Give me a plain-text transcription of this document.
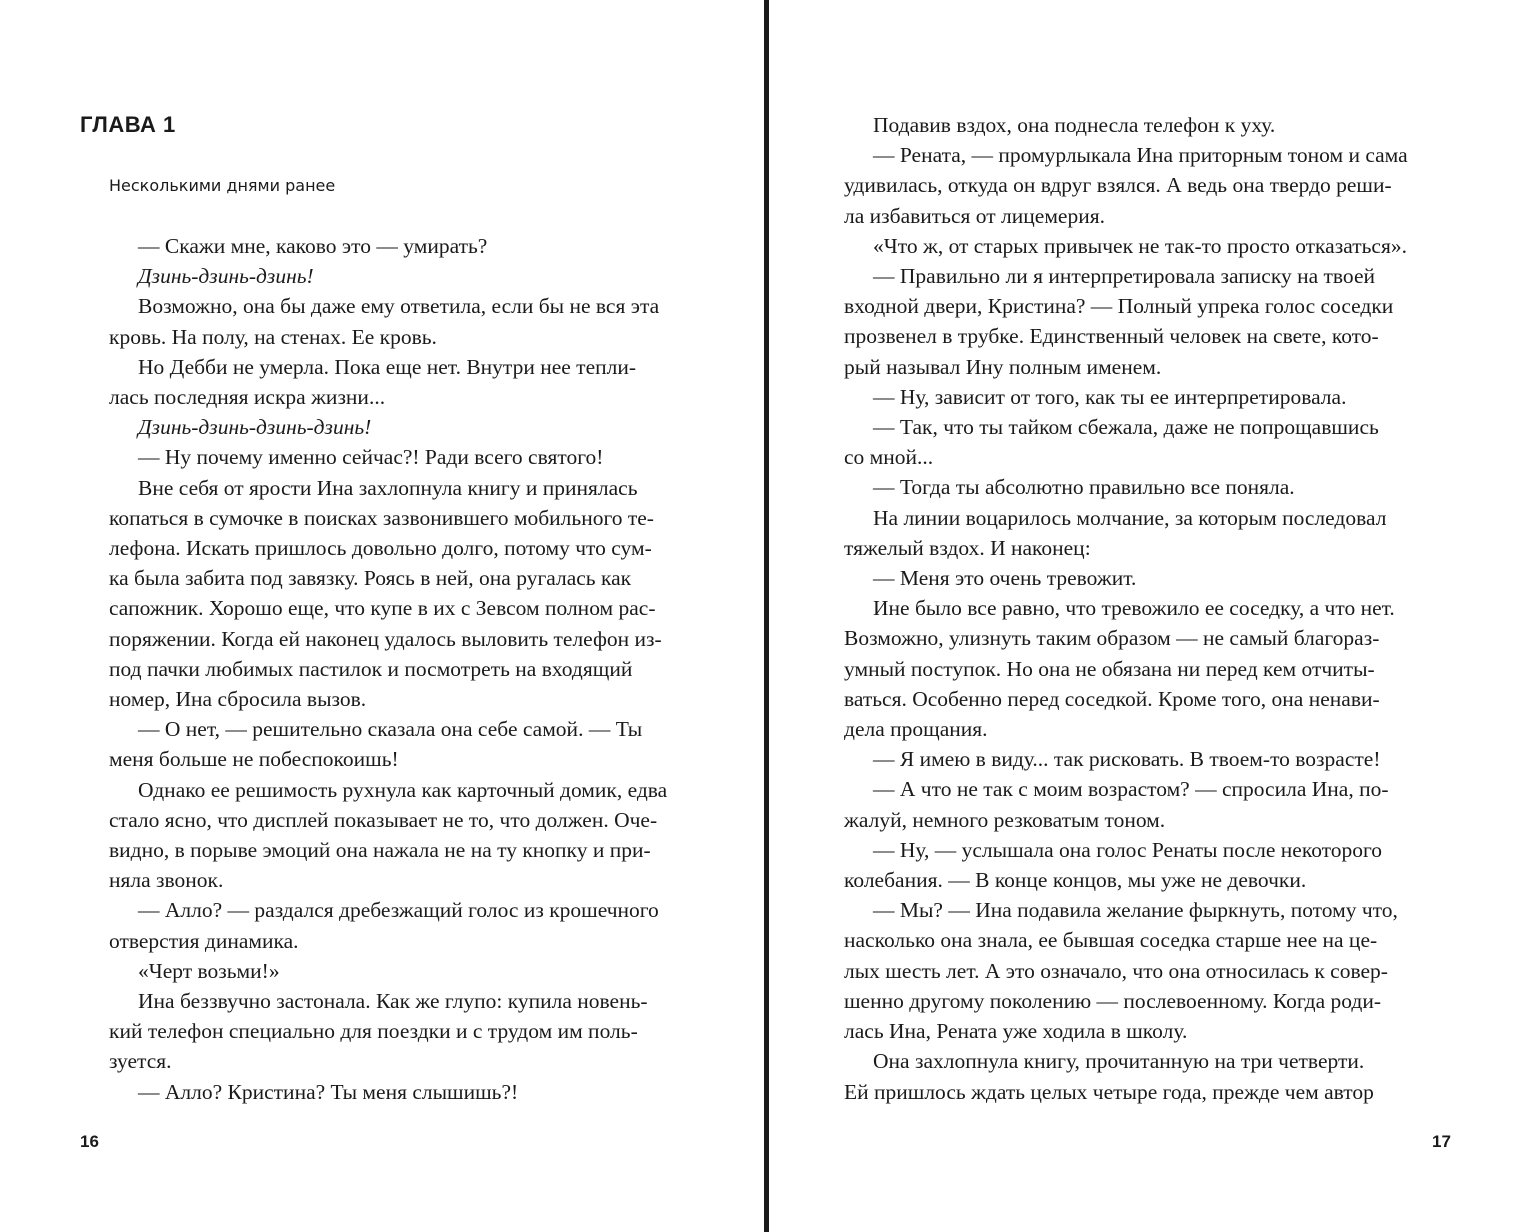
ГЛАВА 1
Несколькими днями ранее

— Скажи мне, каково это — умирать?

Дзинь-дзинь-дзинь!

Возможно, она бы даже ему ответила, если бы не вся эта

кровь. На полу, на стенах. Ее кровь.

Но Дебби не умерла. Пока еще нет. Внутри нее тепли-

лась последняя искра жизни...

Дзинь-дзинь-дзинь-дзинь!

— Ну почему именно сейчас?! Ради всего святого!

Вне себя от ярости Ина захлопнула книгу и принялась

копаться в сумочке в поисках зазвонившего мобильного те-

лефона. Искать пришлось довольно долго, потому что сум-

ка была забита под завязку. Роясь в ней, она ругалась как

сапожник. Хорошо еще, что купе в их с Зевсом полном рас-

поряжении. Когда ей наконец удалось выловить телефон из-

под пачки любимых пастилок и посмотреть на входящий

номер, Ина сбросила вызов.

— О нет, — решительно сказала она себе самой. — Ты

меня больше не побеспокоишь!

Однако ее решимость рухнула как карточный домик, едва

стало ясно, что дисплей показывает не то, что должен. Оче-

видно, в порыве эмоций она нажала не на ту кнопку и при-

няла звонок.

— Алло? — раздался дребезжащий голос из крошечного

отверстия динамика.

«Черт возьми!»

Ина беззвучно застонала. Как же глупо: купила новень-

кий телефон специально для поездки и с трудом им поль-

зуется.

— Алло? Кристина? Ты меня слышишь?!

16

Подавив вздох, она поднесла телефон к уху.

— Рената, — промурлыкала Ина приторным тоном и сама

удивилась, откуда он вдруг взялся. А ведь она твердо реши-

ла избавиться от лицемерия.

«Что ж, от старых привычек не так-то просто отказаться».

— Правильно ли я интерпретировала записку на твоей

входной двери, Кристина? — Полный упрека голос соседки

прозвенел в трубке. Единственный человек на свете, кото-

рый называл Ину полным именем.

— Ну, зависит от того, как ты ее интерпретировала.

— Так, что ты тайком сбежала, даже не попрощавшись

со мной...

— Тогда ты абсолютно правильно все поняла.

На линии воцарилось молчание, за которым последовал

тяжелый вздох. И наконец:

— Меня это очень тревожит.

Ине было все равно, что тревожило ее соседку, а что нет.

Возможно, улизнуть таким образом — не самый благораз-

умный поступок. Но она не обязана ни перед кем отчиты-

ваться. Особенно перед соседкой. Кроме того, она ненави-

дела прощания.

— Я имею в виду... так рисковать. В твоем-то возрасте!

— А что не так с моим возрастом? — спросила Ина, по-

жалуй, немного резковатым тоном.

— Ну, — услышала она голос Ренаты после некоторого

колебания. — В конце концов, мы уже не девочки.

— Мы? — Ина подавила желание фыркнуть, потому что,

насколько она знала, ее бывшая соседка старше нее на це-

лых шесть лет. А это означало, что она относилась к совер-

шенно другому поколению — послевоенному. Когда роди-

лась Ина, Рената уже ходила в школу.

Она захлопнула книгу, прочитанную на три четверти.

Ей пришлось ждать целых четыре года, прежде чем автор

17
